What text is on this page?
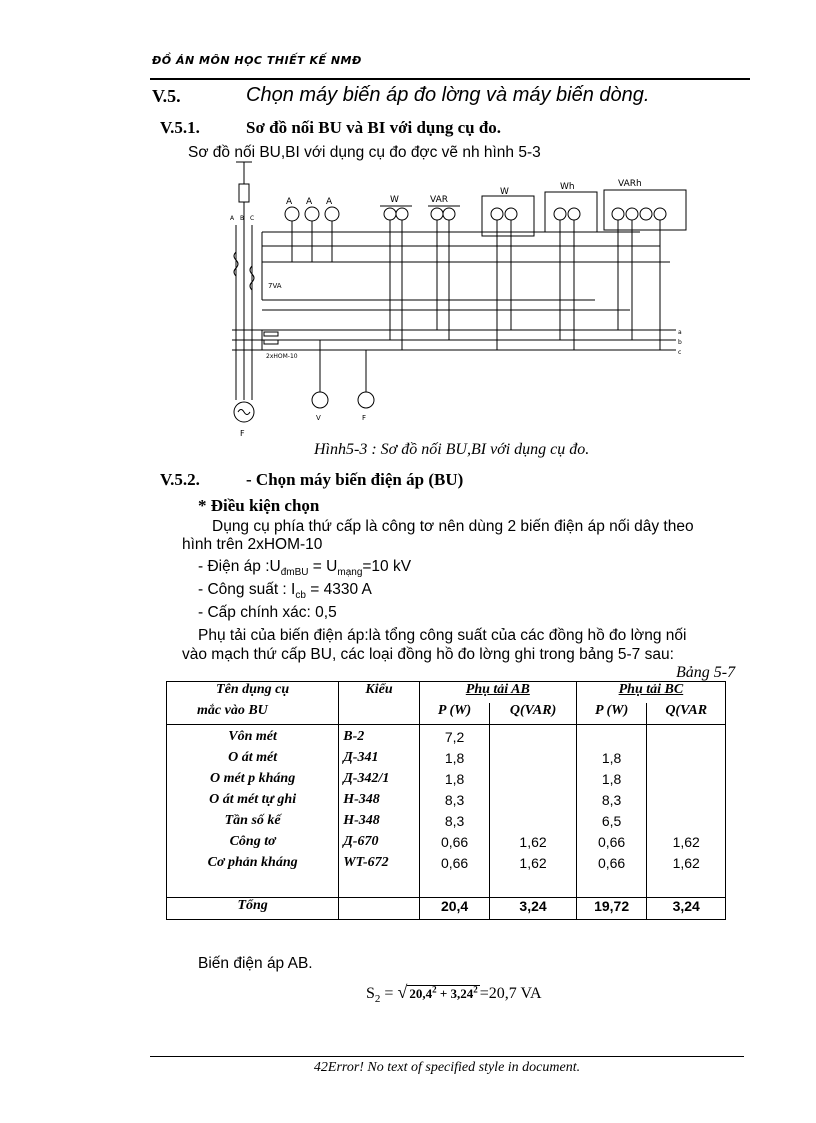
ĐỒ ÁN MÔN HỌC THIẾT KẾ NMĐ
V.5.	Chọn máy biến áp đo lờng và máy biến dòng.
V.5.1.	Sơ đồ nối BU và BI với dụng cụ đo.
Sơ đồ nối BU,BI với dụng cụ đo đợc vẽ nh hình 5-3
A A A	W	VAR
W	Wh	VARh
A B C
7VA
2xHOM-10
V	F
F
a
b
c
Hình5-3 : Sơ đồ nối BU,BI với dụng cụ đo.
V.5.2.	- Chọn máy biến điện áp (BU)
* Điều kiện chọn
Dụng cụ phía thứ cấp là công tơ nên dùng 2 biến điện áp nối dây theo
hình trên 2xHOM-10
- Điện áp $:U_{đmBU} = U_{mạng}=10$ kV
- Công suất : $I_{cb} = 4330$ A
- Cấp chính xác: 0,5
Phụ tải của biến điện áp:là tổng công suất của các đồng hồ đo lờng nối
vào mạch thứ cấp BU, các loại đồng hồ đo lờng ghi trong bảng 5-7 sau:
Bảng 5-7
Tên dụng cụ	Kiểu	Phụ tải AB		Phụ tải BC	
mắc vào BU		P (W)	Q(VAR)	P (W)	Q(VAR
Vôn mét	B-2	7,2			
O át mét	Д-341	1,8		1,8	
O mét p kháng	Д-342/1	1,8		1,8	
O át mét tự ghi	H-348	8,3		8,3	
Tần số kế	H-348	8,3		6,5	
Công tơ	Д-670	0,66	1,62	0,66	1,62
Cơ phản kháng	WT-672	0,66	1,62	0,66	1,62
Tổng		20,4	3,24	19,72	3,24
Biến điện áp AB.
$S_2$ = √ $20,4^2 + 3,24^2 =20,7$ VA
42Error! No text of specified style in document.
